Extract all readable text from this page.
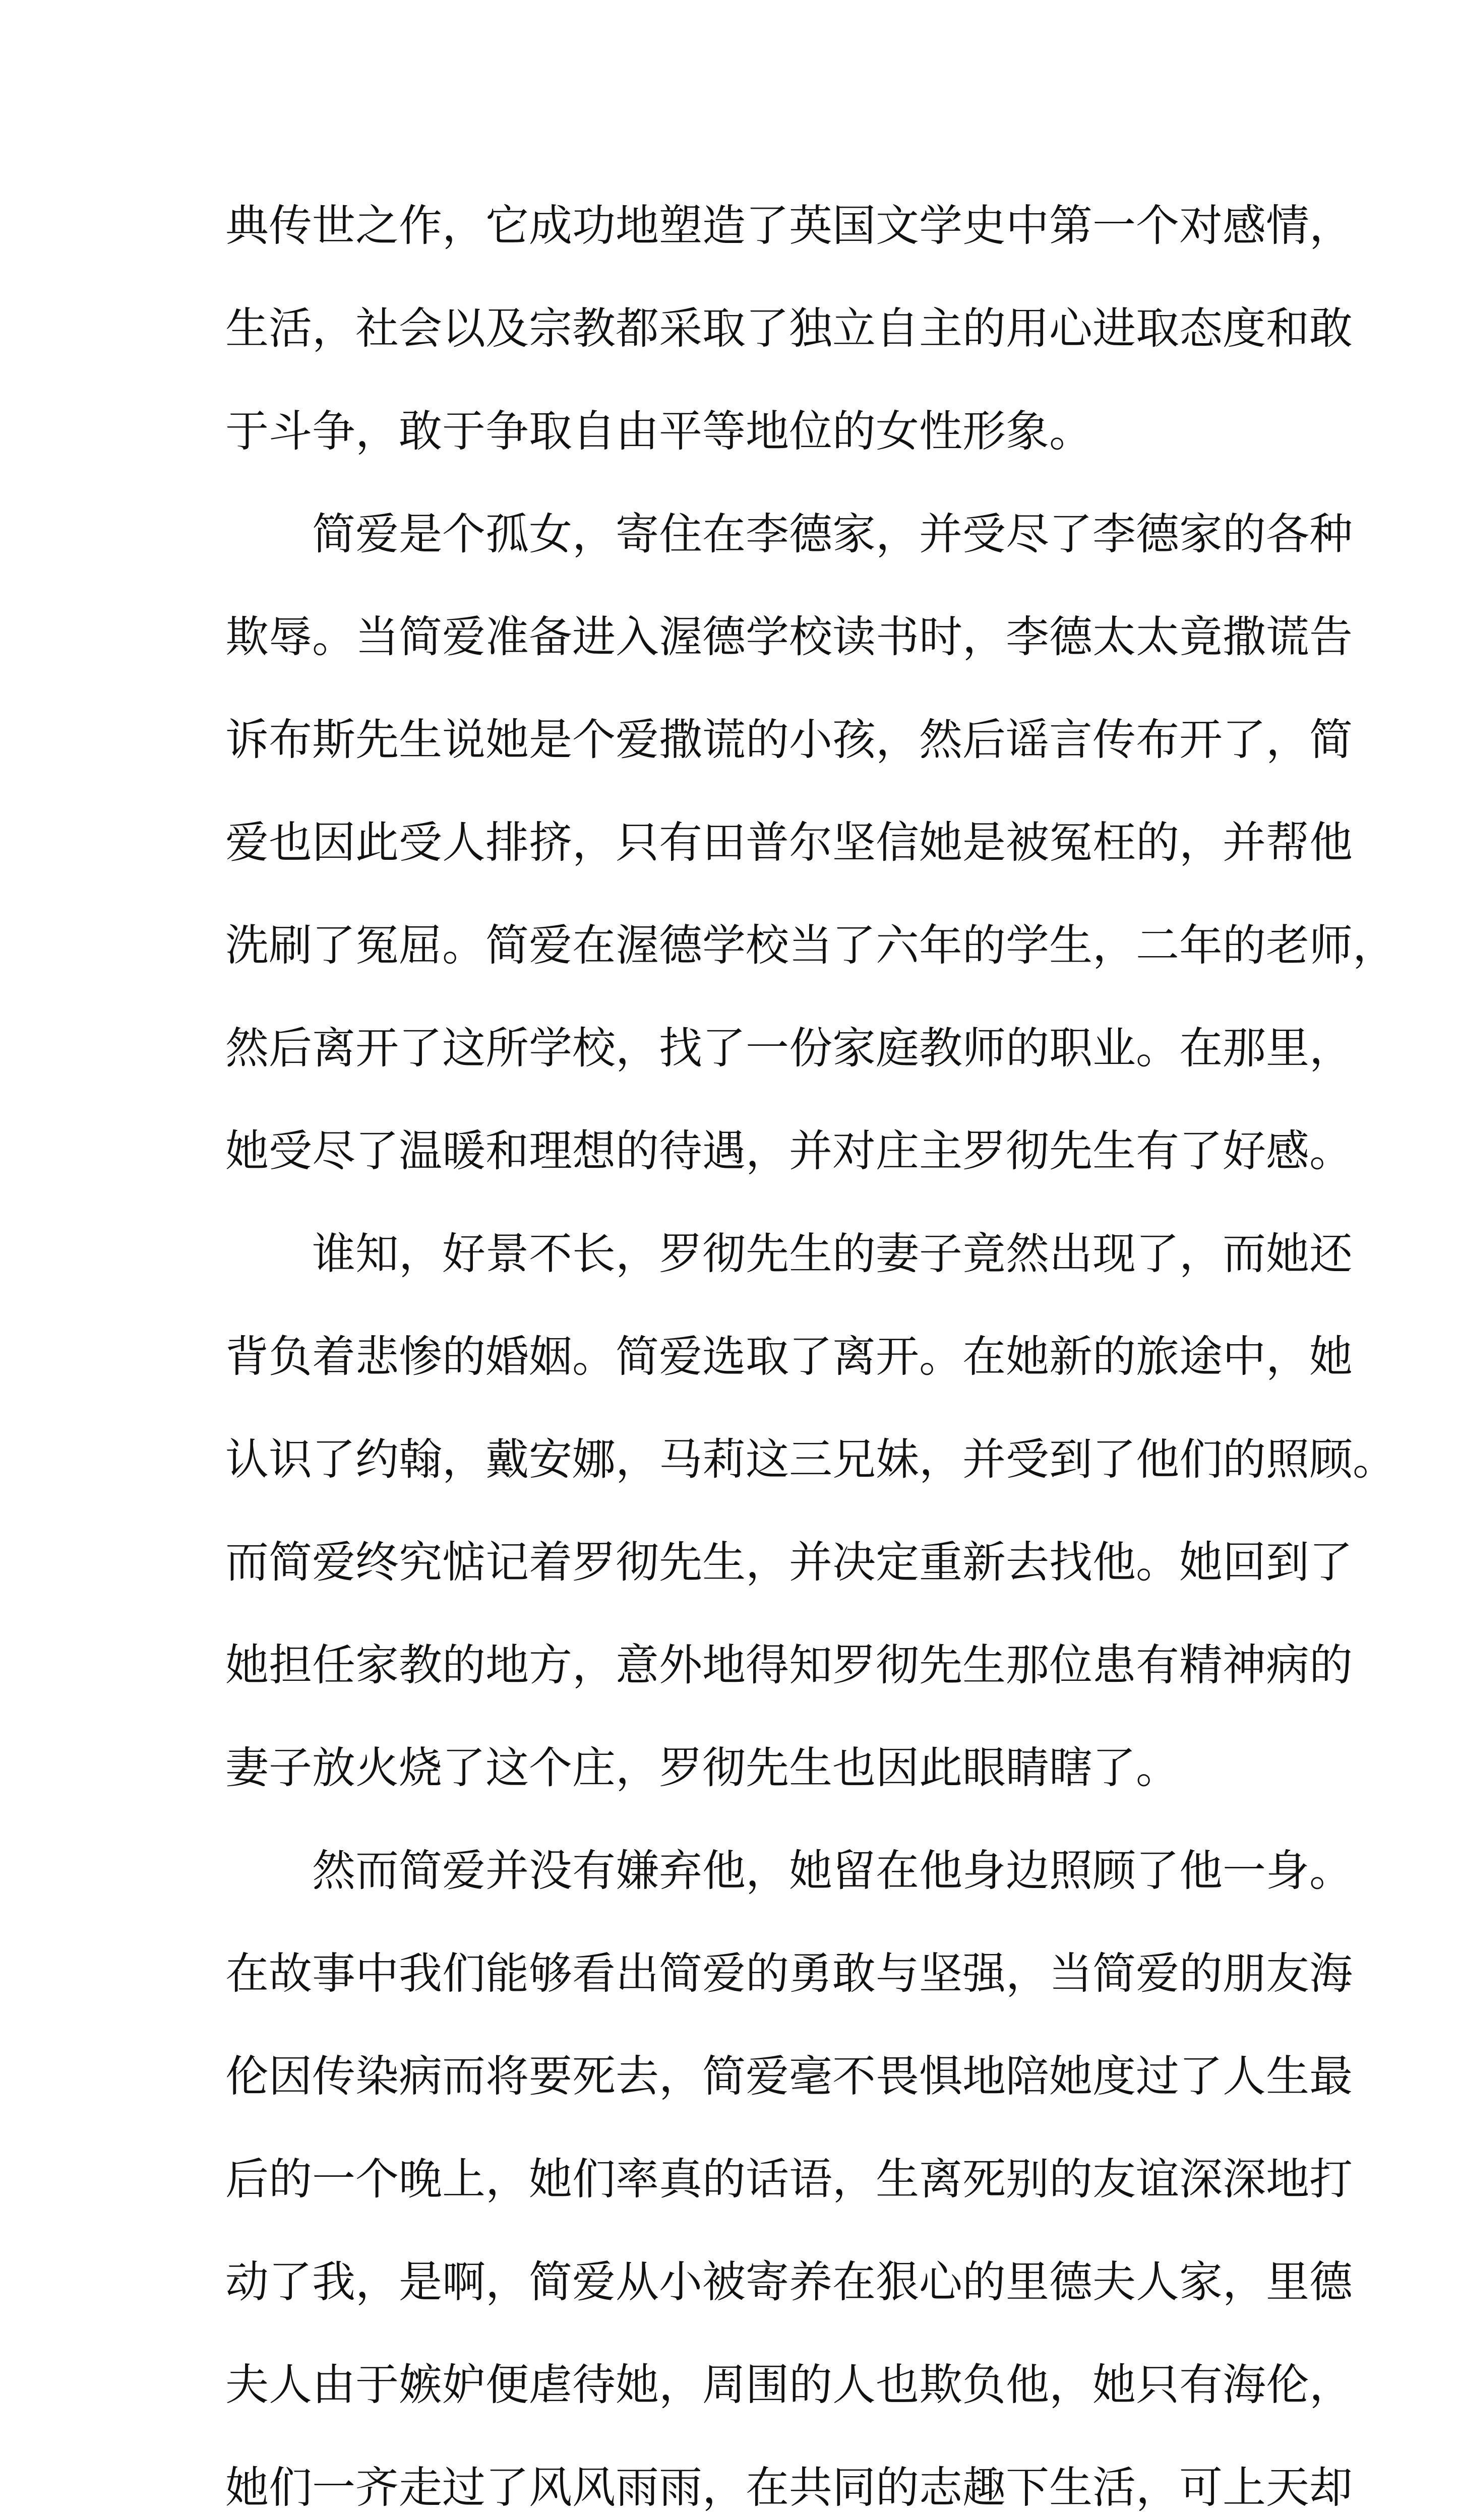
典传世之作，它成功地塑造了英国文学史中第一个对感情，
生活，社会以及宗教都采取了独立自主的用心进取态度和敢
于斗争，敢于争取自由平等地位的女性形象。
简爱是个孤女，寄住在李德家，并受尽了李德家的各种
欺辱。当简爱准备进入渥德学校读书时，李德太太竟撒谎告
诉布斯先生说她是个爱撒谎的小孩，然后谣言传布开了，简
爱也因此受人排挤，只有田普尔坚信她是被冤枉的，并帮他
洗刷了冤屈。简爱在渥德学校当了六年的学生，二年的老师，
然后离开了这所学校，找了一份家庭教师的职业。在那里，
她受尽了温暖和理想的待遇，并对庄主罗彻先生有了好感。
谁知，好景不长，罗彻先生的妻子竟然出现了，而她还
背负着悲惨的婚姻。简爱选取了离开。在她新的旅途中，她
认识了约翰，戴安娜，马莉这三兄妹，并受到了他们的照顾。
而简爱终究惦记着罗彻先生，并决定重新去找他。她回到了
她担任家教的地方，意外地得知罗彻先生那位患有精神病的
妻子放火烧了这个庄，罗彻先生也因此眼睛瞎了。
然而简爱并没有嫌弃他，她留在他身边照顾了他一身。
在故事中我们能够看出简爱的勇敢与坚强，当简爱的朋友海
伦因传染病而将要死去，简爱毫不畏惧地陪她度过了人生最
后的一个晚上，她们率真的话语，生离死别的友谊深深地打
动了我，是啊，简爱从小被寄养在狠心的里德夫人家，里德
夫人由于嫉妒便虐待她，周围的人也欺负他，她只有海伦，
她们一齐走过了风风雨雨，在共同的志趣下生活，可上天却
